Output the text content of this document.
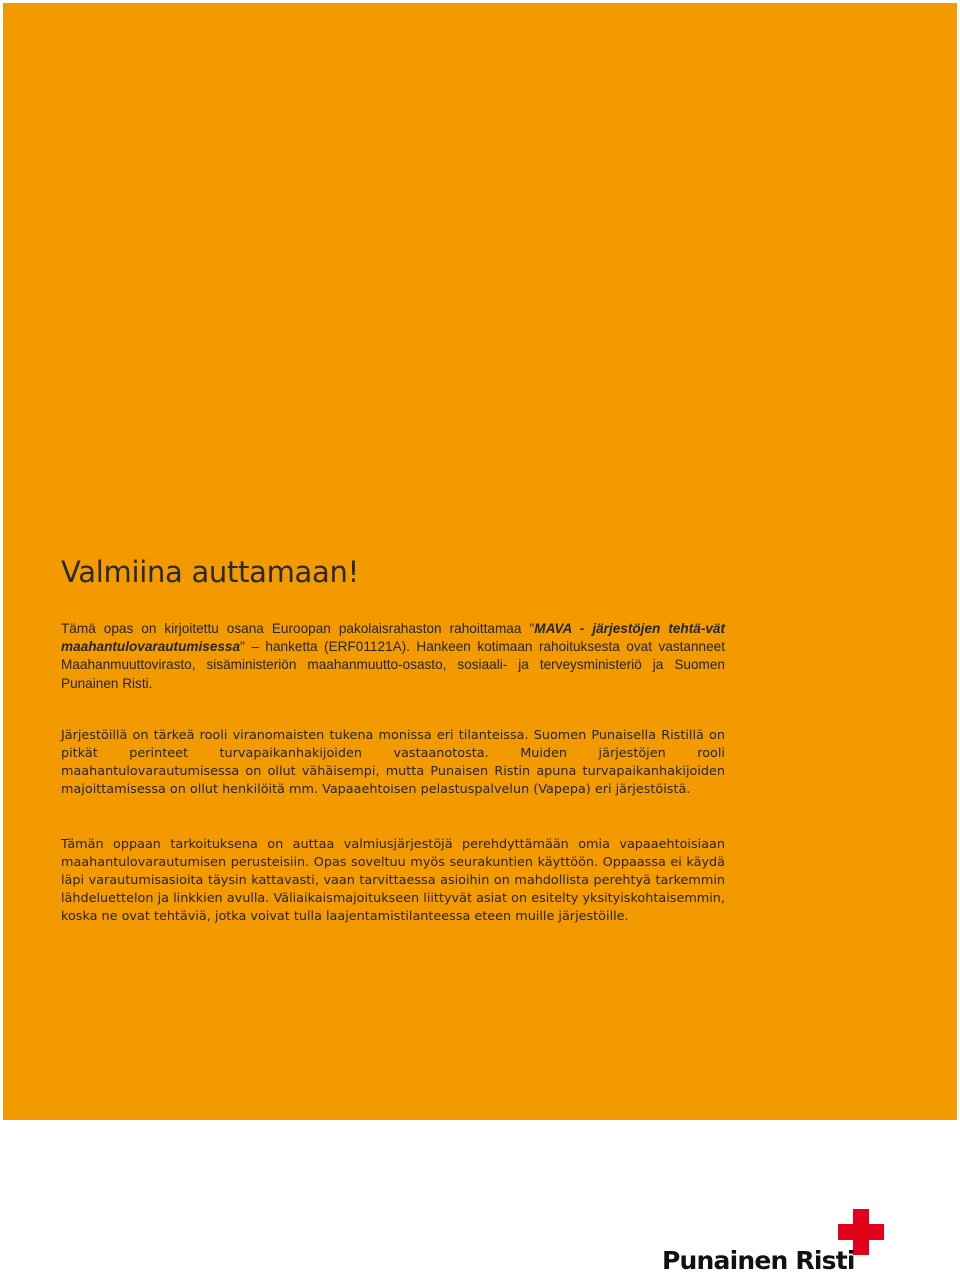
Valmiina auttamaan!

Tämä opas on kirjoitettu osana Euroopan pakolaisrahaston rahoittamaa "MAVA - järjestöjen tehtä-vät maahantulovarautumisessa" – hanketta (ERF01121A). Hankeen kotimaan rahoituksesta ovat vastanneet Maahanmuuttovirasto, sisäministeriön maahanmuutto-osasto, sosiaali- ja terveysministeriö ja Suomen Punainen Risti.

Järjestöillä on tärkeä rooli viranomaisten tukena monissa eri tilanteissa. Suomen Punaisella Ristillä on pitkät perinteet turvapaikanhakijoiden vastaanotosta. Muiden järjestöjen rooli maahantulovarautumisessa on ollut vähäisempi, mutta Punaisen Ristin apuna turvapaikanhakijoiden majoittamisessa on ollut henkilöitä mm. Vapaaehtoisen pelastuspalvelun (Vapepa) eri järjestöistä.

Tämän oppaan tarkoituksena on auttaa valmiusjärjestöjä perehdyttämään omia vapaaehtoisiaan maahantulovarautumisen perusteisiin. Opas soveltuu myös seurakuntien käyttöön. Oppaassa ei käydä läpi varautumisasioita täysin kattavasti, vaan tarvittaessa asioihin on mahdollista perehtyä tarkemmin lähdeluettelon ja linkkien avulla. Väliaikaismajoitukseen liittyvät asiat on esitelty yksityiskohtaisemmin, koska ne ovat tehtäviä, jotka voivat tulla laajentamistilanteessa eteen muille järjestöille.

Punainen Risti
